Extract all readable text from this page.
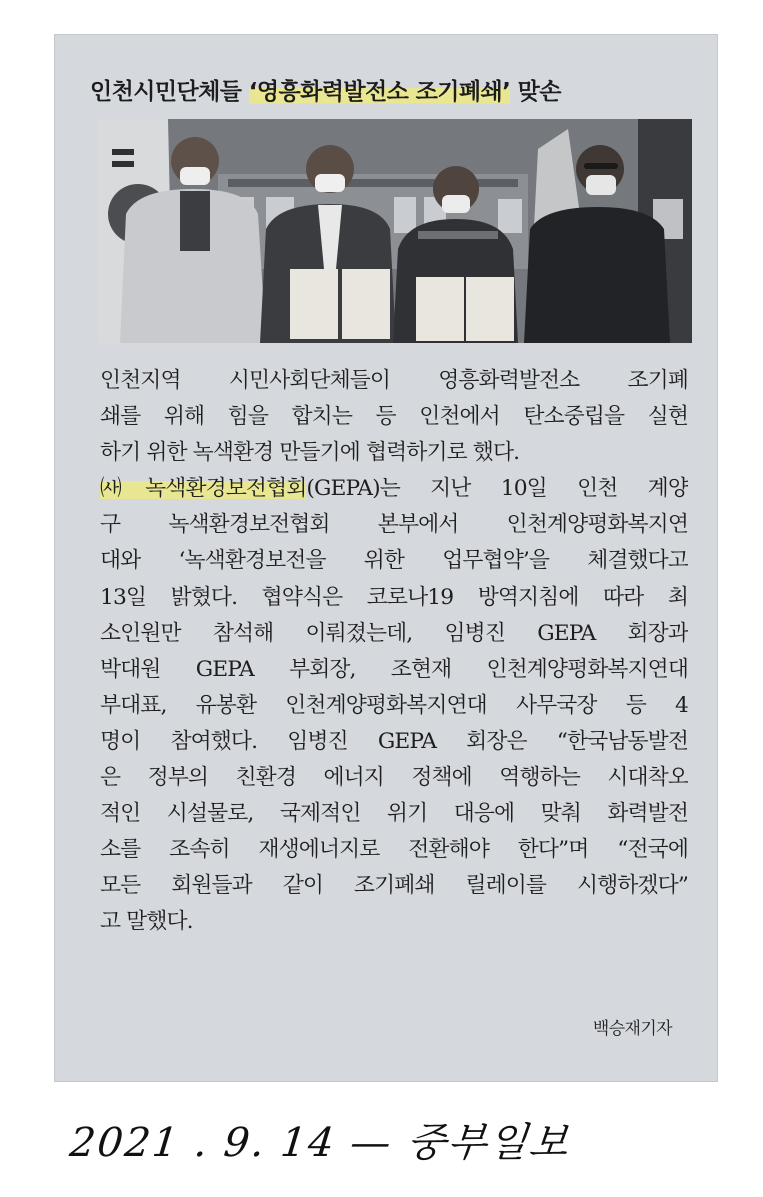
인천시민단체들 ‘영흥화력발전소 조기폐쇄’ 맞손
인천지역 시민사회단체들이 영흥화력발전소 조기폐
쇄를 위해 힘을 합치는 등 인천에서 탄소중립을 실현
하기 위한 녹색환경 만들기에 협력하기로 했다.
㈔녹색환경보전협회(GEPA)는 지난 10일 인천 계양
구 녹색환경보전협회 본부에서 인천계양평화복지연
대와 ‘녹색환경보전을 위한 업무협약’을 체결했다고
13일 밝혔다. 협약식은 코로나19 방역지침에 따라 최
소인원만 참석해 이뤄졌는데, 임병진 GEPA 회장과
박대원 GEPA 부회장, 조현재 인천계양평화복지연대
부대표, 유봉환 인천계양평화복지연대 사무국장 등 4
명이 참여했다. 임병진 GEPA 회장은 “한국남동발전
은 정부의 친환경 에너지 정책에 역행하는 시대착오
적인 시설물로, 국제적인 위기 대응에 맞춰 화력발전
소를 조속히 재생에너지로 전환해야 한다”며 “전국에
모든 회원들과 같이 조기폐쇄 릴레이를 시행하겠다”
고 말했다.
백승재기자
2021 . 9. 14 — 중부일보
